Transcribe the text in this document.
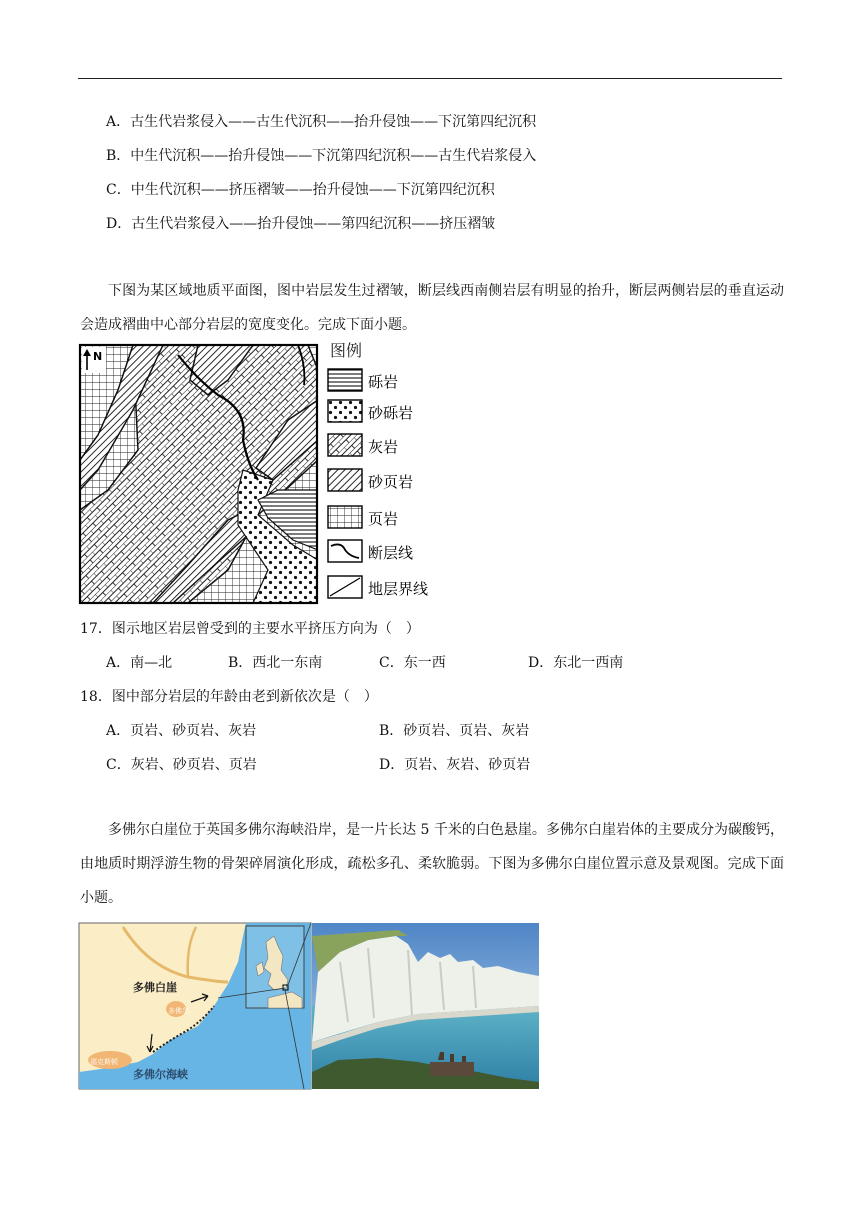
A．古生代岩浆侵入——古生代沉积——抬升侵蚀——下沉第四纪沉积
B．中生代沉积——抬升侵蚀——下沉第四纪沉积——古生代岩浆侵入
C．中生代沉积——挤压褶皱——抬升侵蚀——下沉第四纪沉积
D．古生代岩浆侵入——抬升侵蚀——第四纪沉积——挤压褶皱
下图为某区域地质平面图，图中岩层发生过褶皱，断层线西南侧岩层有明显的抬升，断层两侧岩层的垂直运动会造成褶曲中心部分岩层的宽度变化。完成下面小题。
N	图例
砾岩
砂砾岩
灰岩
砂页岩
页岩
断层线
地层界线
17．图示地区岩层曾受到的主要水平挤压方向为（　）
A．南—北	B．西北一东南	C．东一西	D．东北一西南
18．图中部分岩层的年龄由老到新依次是（　）
A．页岩、砂页岩、灰岩	B．砂页岩、页岩、灰岩
C．灰岩、砂页岩、页岩	D．页岩、灰岩、砂页岩
多佛尔白崖位于英国多佛尔海峡沿岸，是一片长达 5 千米的白色悬崖。多佛尔白崖岩体的主要成分为碳酸钙，由地质时期浮游生物的骨架碎屑演化形成，疏松多孔、柔软脆弱。下图为多佛尔白崖位置示意及景观图。完成下面小题。
多佛白崖
多佛尔
福克斯顿
多佛尔海峡
